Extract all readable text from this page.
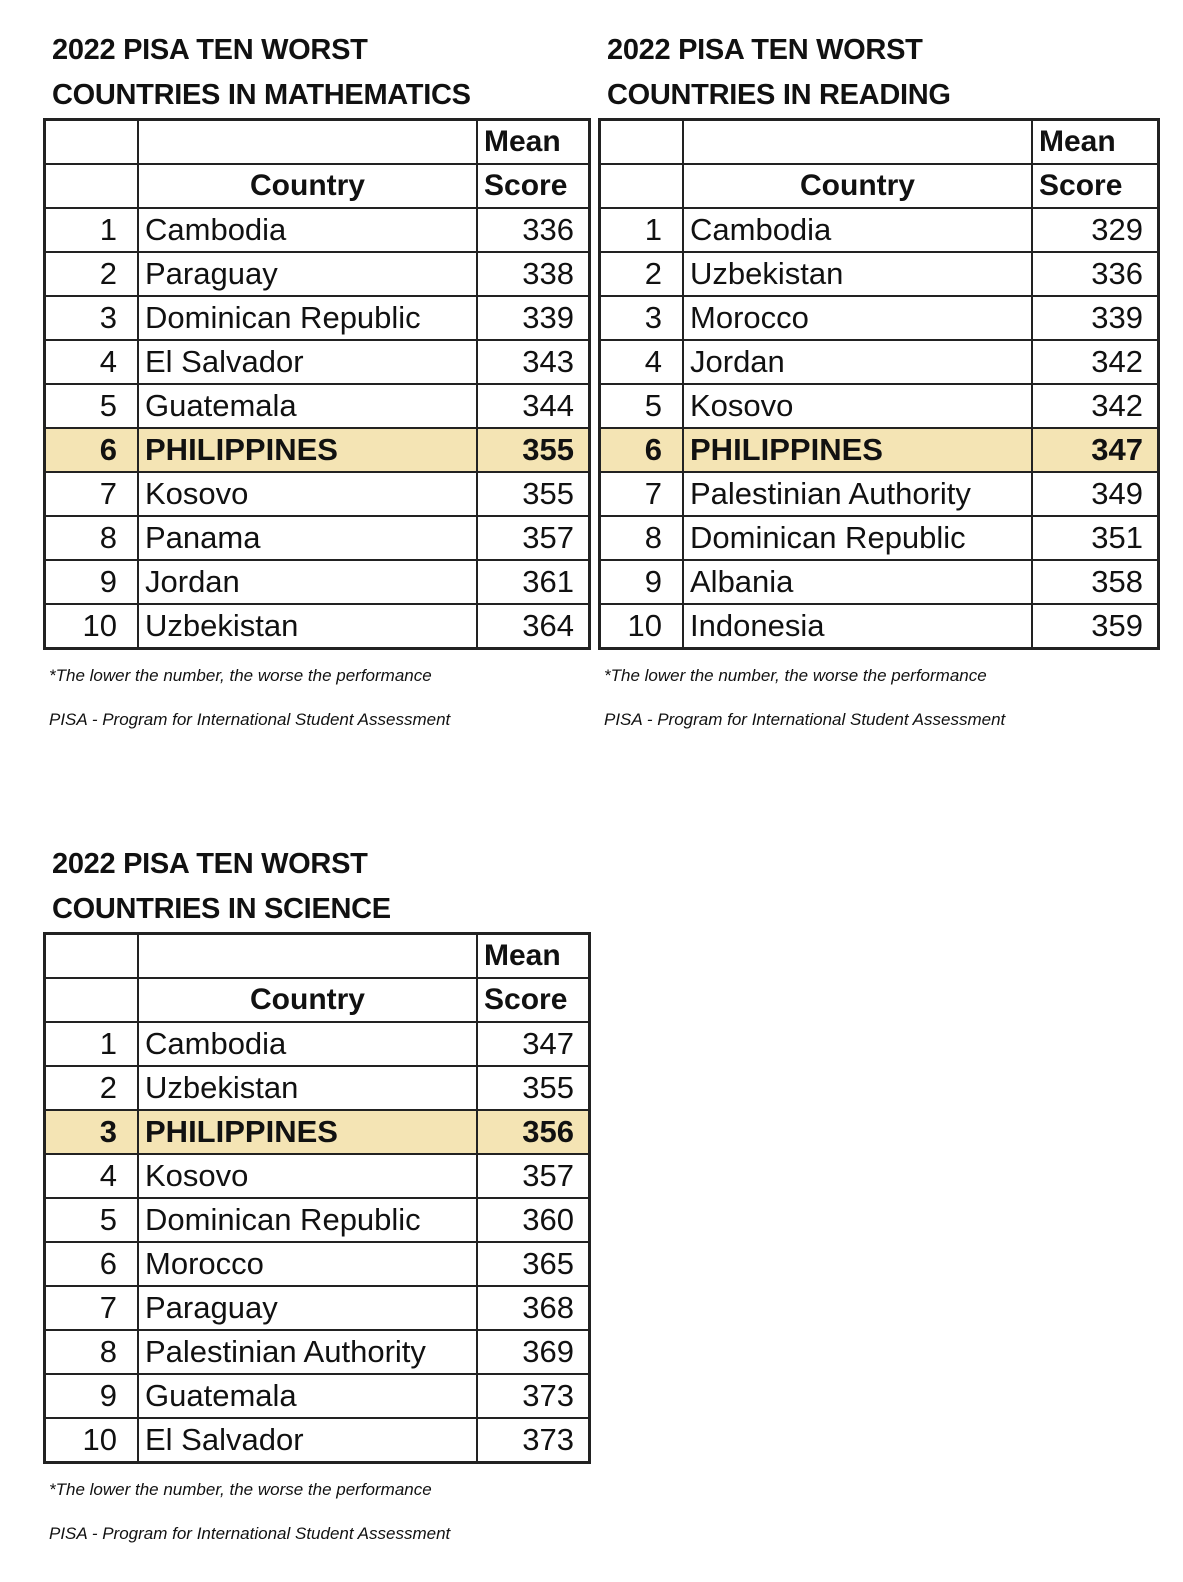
2022 PISA TEN WORST
COUNTRIES IN MATHEMATICS
		Mean
	Country	Score
1	Cambodia	336
2	Paraguay	338
3	Dominican Republic	339
4	El Salvador	343
5	Guatemala	344
6	PHILIPPINES	355
7	Kosovo	355
8	Panama	357
9	Jordan	361
10	Uzbekistan	364
*The lower the number, the worse the performance
PISA - Program for International Student Assessment
2022 PISA TEN WORST
COUNTRIES IN READING
		Mean
	Country	Score
1	Cambodia	329
2	Uzbekistan	336
3	Morocco	339
4	Jordan	342
5	Kosovo	342
6	PHILIPPINES	347
7	Palestinian Authority	349
8	Dominican Republic	351
9	Albania	358
10	Indonesia	359
*The lower the number, the worse the performance
PISA - Program for International Student Assessment
2022 PISA TEN WORST
COUNTRIES IN SCIENCE
		Mean
	Country	Score
1	Cambodia	347
2	Uzbekistan	355
3	PHILIPPINES	356
4	Kosovo	357
5	Dominican Republic	360
6	Morocco	365
7	Paraguay	368
8	Palestinian Authority	369
9	Guatemala	373
10	El Salvador	373
*The lower the number, the worse the performance
PISA - Program for International Student Assessment
